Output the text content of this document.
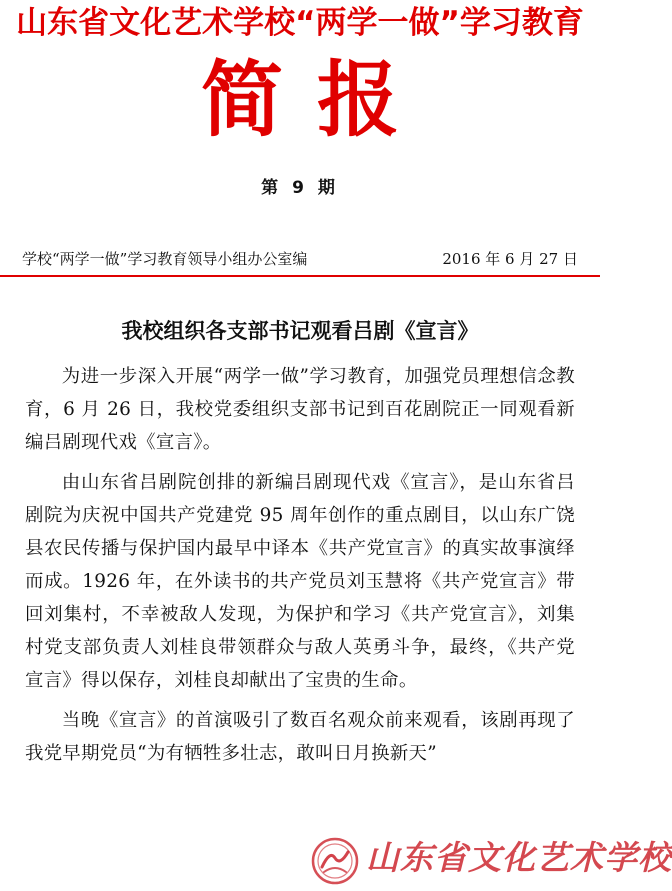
山东省文化艺术学校“两学一做”学习教育
简报
第 9 期
学校“两学一做”学习教育领导小组办公室编	2016 年 6 月 27 日
我校组织各支部书记观看吕剧《宣言》

为进一步深入开展“两学一做”学习教育，加强党员理想信念教育，6 月 26 日，我校党委组织支部书记到百花剧院正一同观看新编吕剧现代戏《宣言》。

由山东省吕剧院创排的新编吕剧现代戏《宣言》，是山东省吕剧院为庆祝中国共产党建党 95 周年创作的重点剧目，以山东广饶县农民传播与保护国内最早中译本《共产党宣言》的真实故事演绎而成。1926 年，在外读书的共产党员刘玉慧将《共产党宣言》带回刘集村，不幸被敌人发现，为保护和学习《共产党宣言》，刘集村党支部负责人刘桂良带领群众与敌人英勇斗争，最终，《共产党宣言》得以保存，刘桂良却献出了宝贵的生命。

当晚《宣言》的首演吸引了数百名观众前来观看，该剧再现了我党早期党员“为有牺牲多壮志，敢叫日月换新天”

山东省文化艺术学校
